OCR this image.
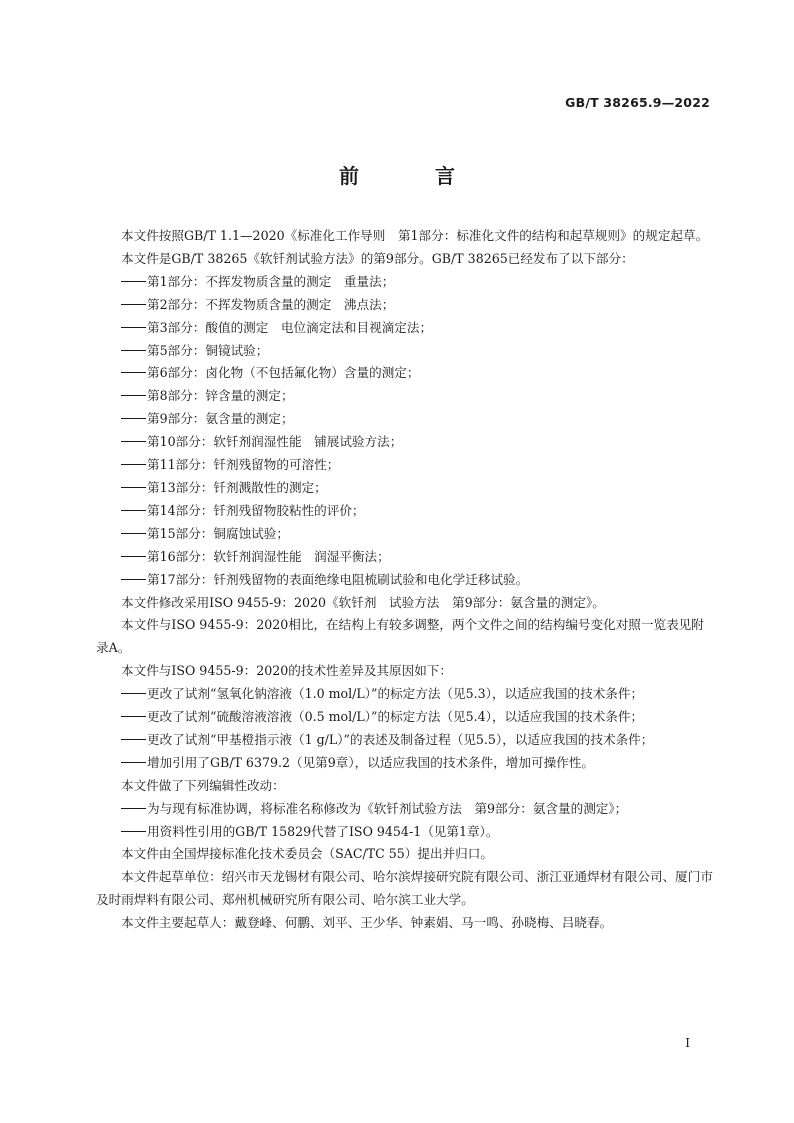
GB/T 38265.9—2022
前　言

本文件按照GB/T 1.1—2020《标准化工作导则　第1部分：标准化文件的结构和起草规则》的规定起草。

本文件是GB/T 38265《软钎剂试验方法》的第9部分。GB/T 38265已经发布了以下部分：

第1部分：不挥发物质含量的测定　重量法；

第2部分：不挥发物质含量的测定　沸点法；

第3部分：酸值的测定　电位滴定法和目视滴定法；

第5部分：铜镜试验；

第6部分：卤化物（不包括氟化物）含量的测定；

第8部分：锌含量的测定；

第9部分：氨含量的测定；

第10部分：软钎剂润湿性能　铺展试验方法；

第11部分：钎剂残留物的可溶性；

第13部分：钎剂溅散性的测定；

第14部分：钎剂残留物胶粘性的评价；

第15部分：铜腐蚀试验；

第16部分：软钎剂润湿性能　润湿平衡法；

第17部分：钎剂残留物的表面绝缘电阻梳刷试验和电化学迁移试验。

本文件修改采用ISO 9455-9：2020《软钎剂　试验方法　第9部分：氨含量的测定》。

本文件与ISO 9455-9：2020相比，在结构上有较多调整，两个文件之间的结构编号变化对照一览表见附录A。

本文件与ISO 9455-9：2020的技术性差异及其原因如下：

更改了试剂“氢氧化钠溶液（1.0 mol/L）”的标定方法（见5.3），以适应我国的技术条件；

更改了试剂“硫酸溶液溶液（0.5 mol/L）”的标定方法（见5.4），以适应我国的技术条件；

更改了试剂“甲基橙指示液（1 g/L）”的表述及制备过程（见5.5），以适应我国的技术条件；

增加引用了GB/T 6379.2（见第9章），以适应我国的技术条件，增加可操作性。

本文件做了下列编辑性改动：

为与现有标准协调，将标准名称修改为《软钎剂试验方法　第9部分：氨含量的测定》；

用资料性引用的GB/T 15829代替了ISO 9454-1（见第1章）。

本文件由全国焊接标准化技术委员会（SAC/TC 55）提出并归口。

本文件起草单位：绍兴市天龙锡材有限公司、哈尔滨焊接研究院有限公司、浙江亚通焊材有限公司、厦门市及时雨焊料有限公司、郑州机械研究所有限公司、哈尔滨工业大学。

本文件主要起草人：戴登峰、何鹏、刘平、王少华、钟素娟、马一鸣、孙晓梅、吕晓春。

I
